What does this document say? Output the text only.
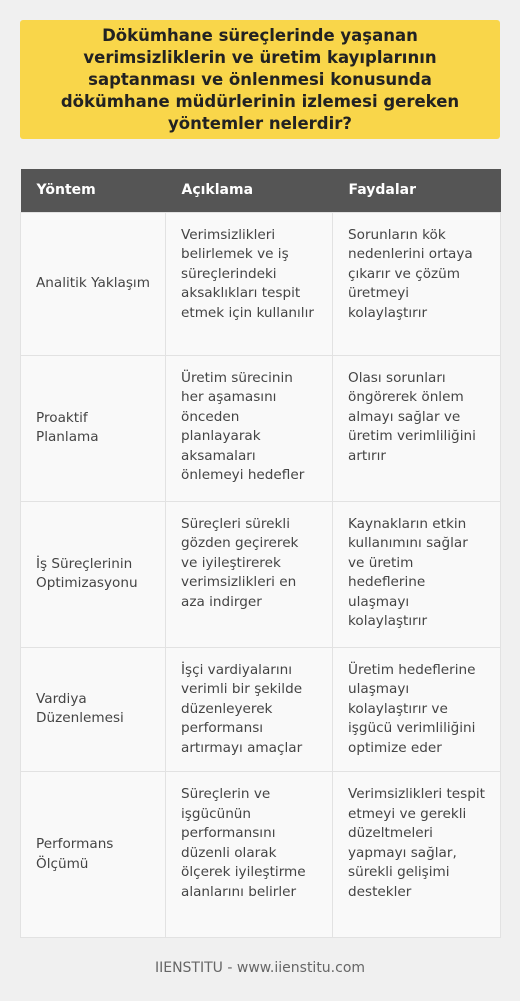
Dökümhane süreçlerinde yaşanan verimsizliklerin ve üretim kayıplarının saptanması ve önlenmesi konusunda dökümhane müdürlerinin izlemesi gereken yöntemler nelerdir?
Yöntem	Açıklama	Faydalar
Analitik Yaklaşım	Verimsizlikleri belirlemek ve iş süreçlerindeki aksaklıkları tespit etmek için kullanılır	Sorunların kök nedenlerini ortaya çıkarır ve çözüm üretmeyi kolaylaştırır
Proaktif Planlama	Üretim sürecinin her aşamasını önceden planlayarak aksamaları önlemeyi hedefler	Olası sorunları öngörerek önlem almayı sağlar ve üretim verimliliğini artırır
İş Süreçlerinin Optimizasyonu	Süreçleri sürekli gözden geçirerek ve iyileştirerek verimsizlikleri en aza indirger	Kaynakların etkin kullanımını sağlar ve üretim hedeflerine ulaşmayı kolaylaştırır
Vardiya Düzenlemesi	İşçi vardiyalarını verimli bir şekilde düzenleyerek performansı artırmayı amaçlar	Üretim hedeflerine ulaşmayı kolaylaştırır ve işgücü verimliliğini optimize eder
Performans Ölçümü	Süreçlerin ve işgücünün performansını düzenli olarak ölçerek iyileştirme alanlarını belirler	Verimsizlikleri tespit etmeyi ve gerekli düzeltmeleri yapmayı sağlar, sürekli gelişimi destekler
IIENSTITU - www.iienstitu.com
